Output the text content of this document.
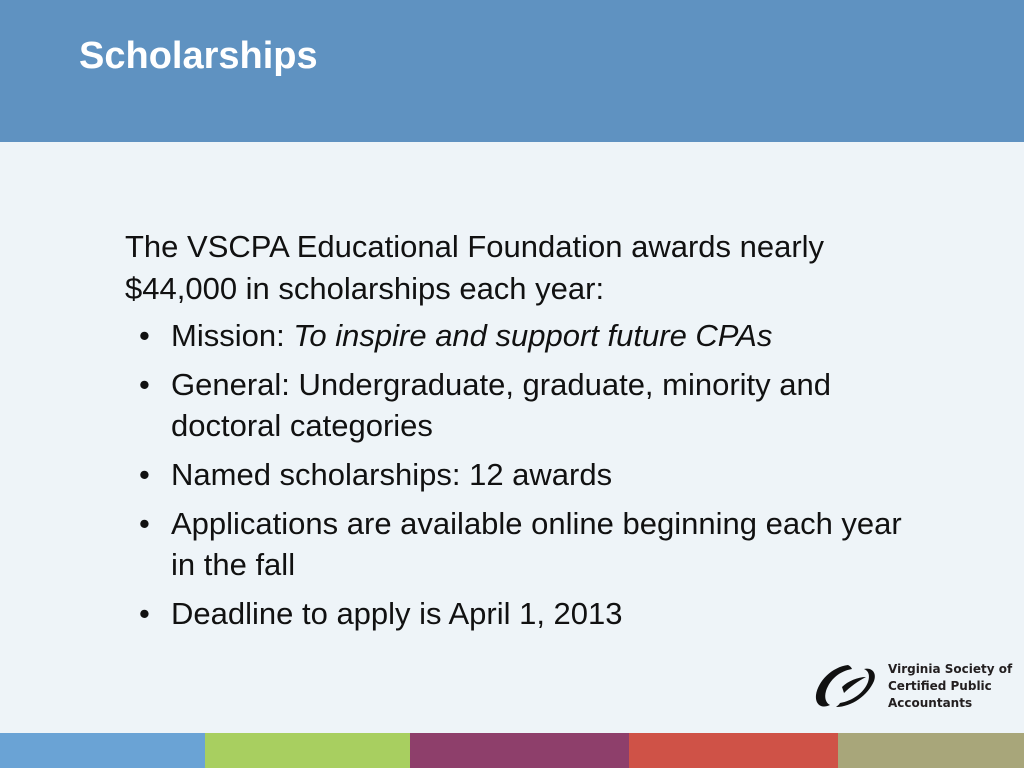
Scholarships

The VSCPA Educational Foundation awards nearly $44,000 in scholarships each year:

• Mission: To inspire and support future CPAs
• General: Undergraduate, graduate, minority and doctoral categories
• Named scholarships: 12 awards
• Applications are available online beginning each year in the fall
• Deadline to apply is April 1, 2013
Virginia Society of
Certified Public
Accountants
